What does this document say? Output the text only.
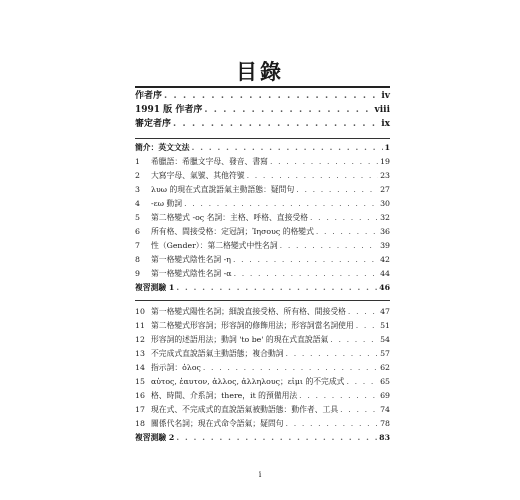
目錄
作者序 . . .	iv
1991 版 作者序 . . .	viii
審定者序 . . .	ix
簡介：英文文法 . . .	1
1	希臘語：希臘文字母、發音、書寫 . . .	19
2	大寫字母、氣號、其他符號 . . .	23
3	λυω 的現在式直說語氣主動語態：疑問句 . . .	27
4	-εω 動詞 . . .	30
5	第二格變式 -ος 名詞：主格、呼格、直接受格 . . .	32
6	所有格、間接受格：定冠詞；Ἰησους 的格變式 . . .	36
7	性（Gender）：第二格變式中性名詞 . . .	39
8	第一格變式陰性名詞 -η . . .	42
9	第一格變式陰性名詞 -α . . .	44
複習測驗 1 . . .	46
10 第一格變式陽性名詞；細說直接受格、所有格、間接受格 . . .	47
11 第二格變式形容詞；形容詞的修飾用法；形容詞當名詞使用 . . .	51
12 形容詞的述語用法；動詞 'to be' 的現在式直說語氣 . . .	54
13 不完成式直說語氣主動語態；複合動詞 . . .	57
14 指示詞：ὁλος . . .	62
15 αὐτος, ἑαυτον, ἀλλος, ἀλληλους；εἰμι 的不完成式 . . .	65
16 格、時間、介系詞；there，it 的預備用法 . . .	69
17 現在式、不完成式的直說語氣被動語態：動作者、工具 . . .	74
18 關係代名詞；現在式命令語氣；疑問句 . . .	78
複習測驗 2 . . .	83
i
